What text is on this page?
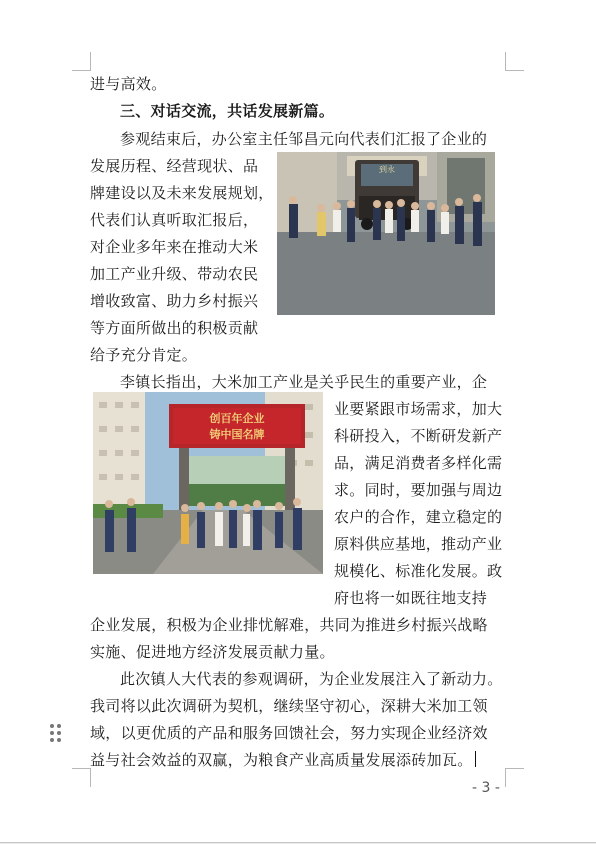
进与高效。
三、对话交流，共话发展新篇。
参观结束后，办公室主任邹昌元向代表们汇报了企业的
发展历程、经营现状、品
牌建设以及未来发展规划，
代表们认真听取汇报后，
对企业多年来在推动大米
加工产业升级、带动农民
增收致富、助力乡村振兴
等方面所做出的积极贡献
给予充分肯定。
到永
李镇长指出，大米加工产业是关乎民生的重要产业，企
创百年企业
铸中国名牌
业要紧跟市场需求，加大
科研投入，不断研发新产
品，满足消费者多样化需
求。同时，要加强与周边
农户的合作，建立稳定的
原料供应基地，推动产业
规模化、标准化发展。政
府也将一如既往地支持
企业发展，积极为企业排忧解难，共同为推进乡村振兴战略
实施、促进地方经济发展贡献力量。
此次镇人大代表的参观调研，为企业发展注入了新动力。
我司将以此次调研为契机，继续坚守初心，深耕大米加工领
域，以更优质的产品和服务回馈社会，努力实现企业经济效
益与社会效益的双赢，为粮食产业高质量发展添砖加瓦。
- 3 -
